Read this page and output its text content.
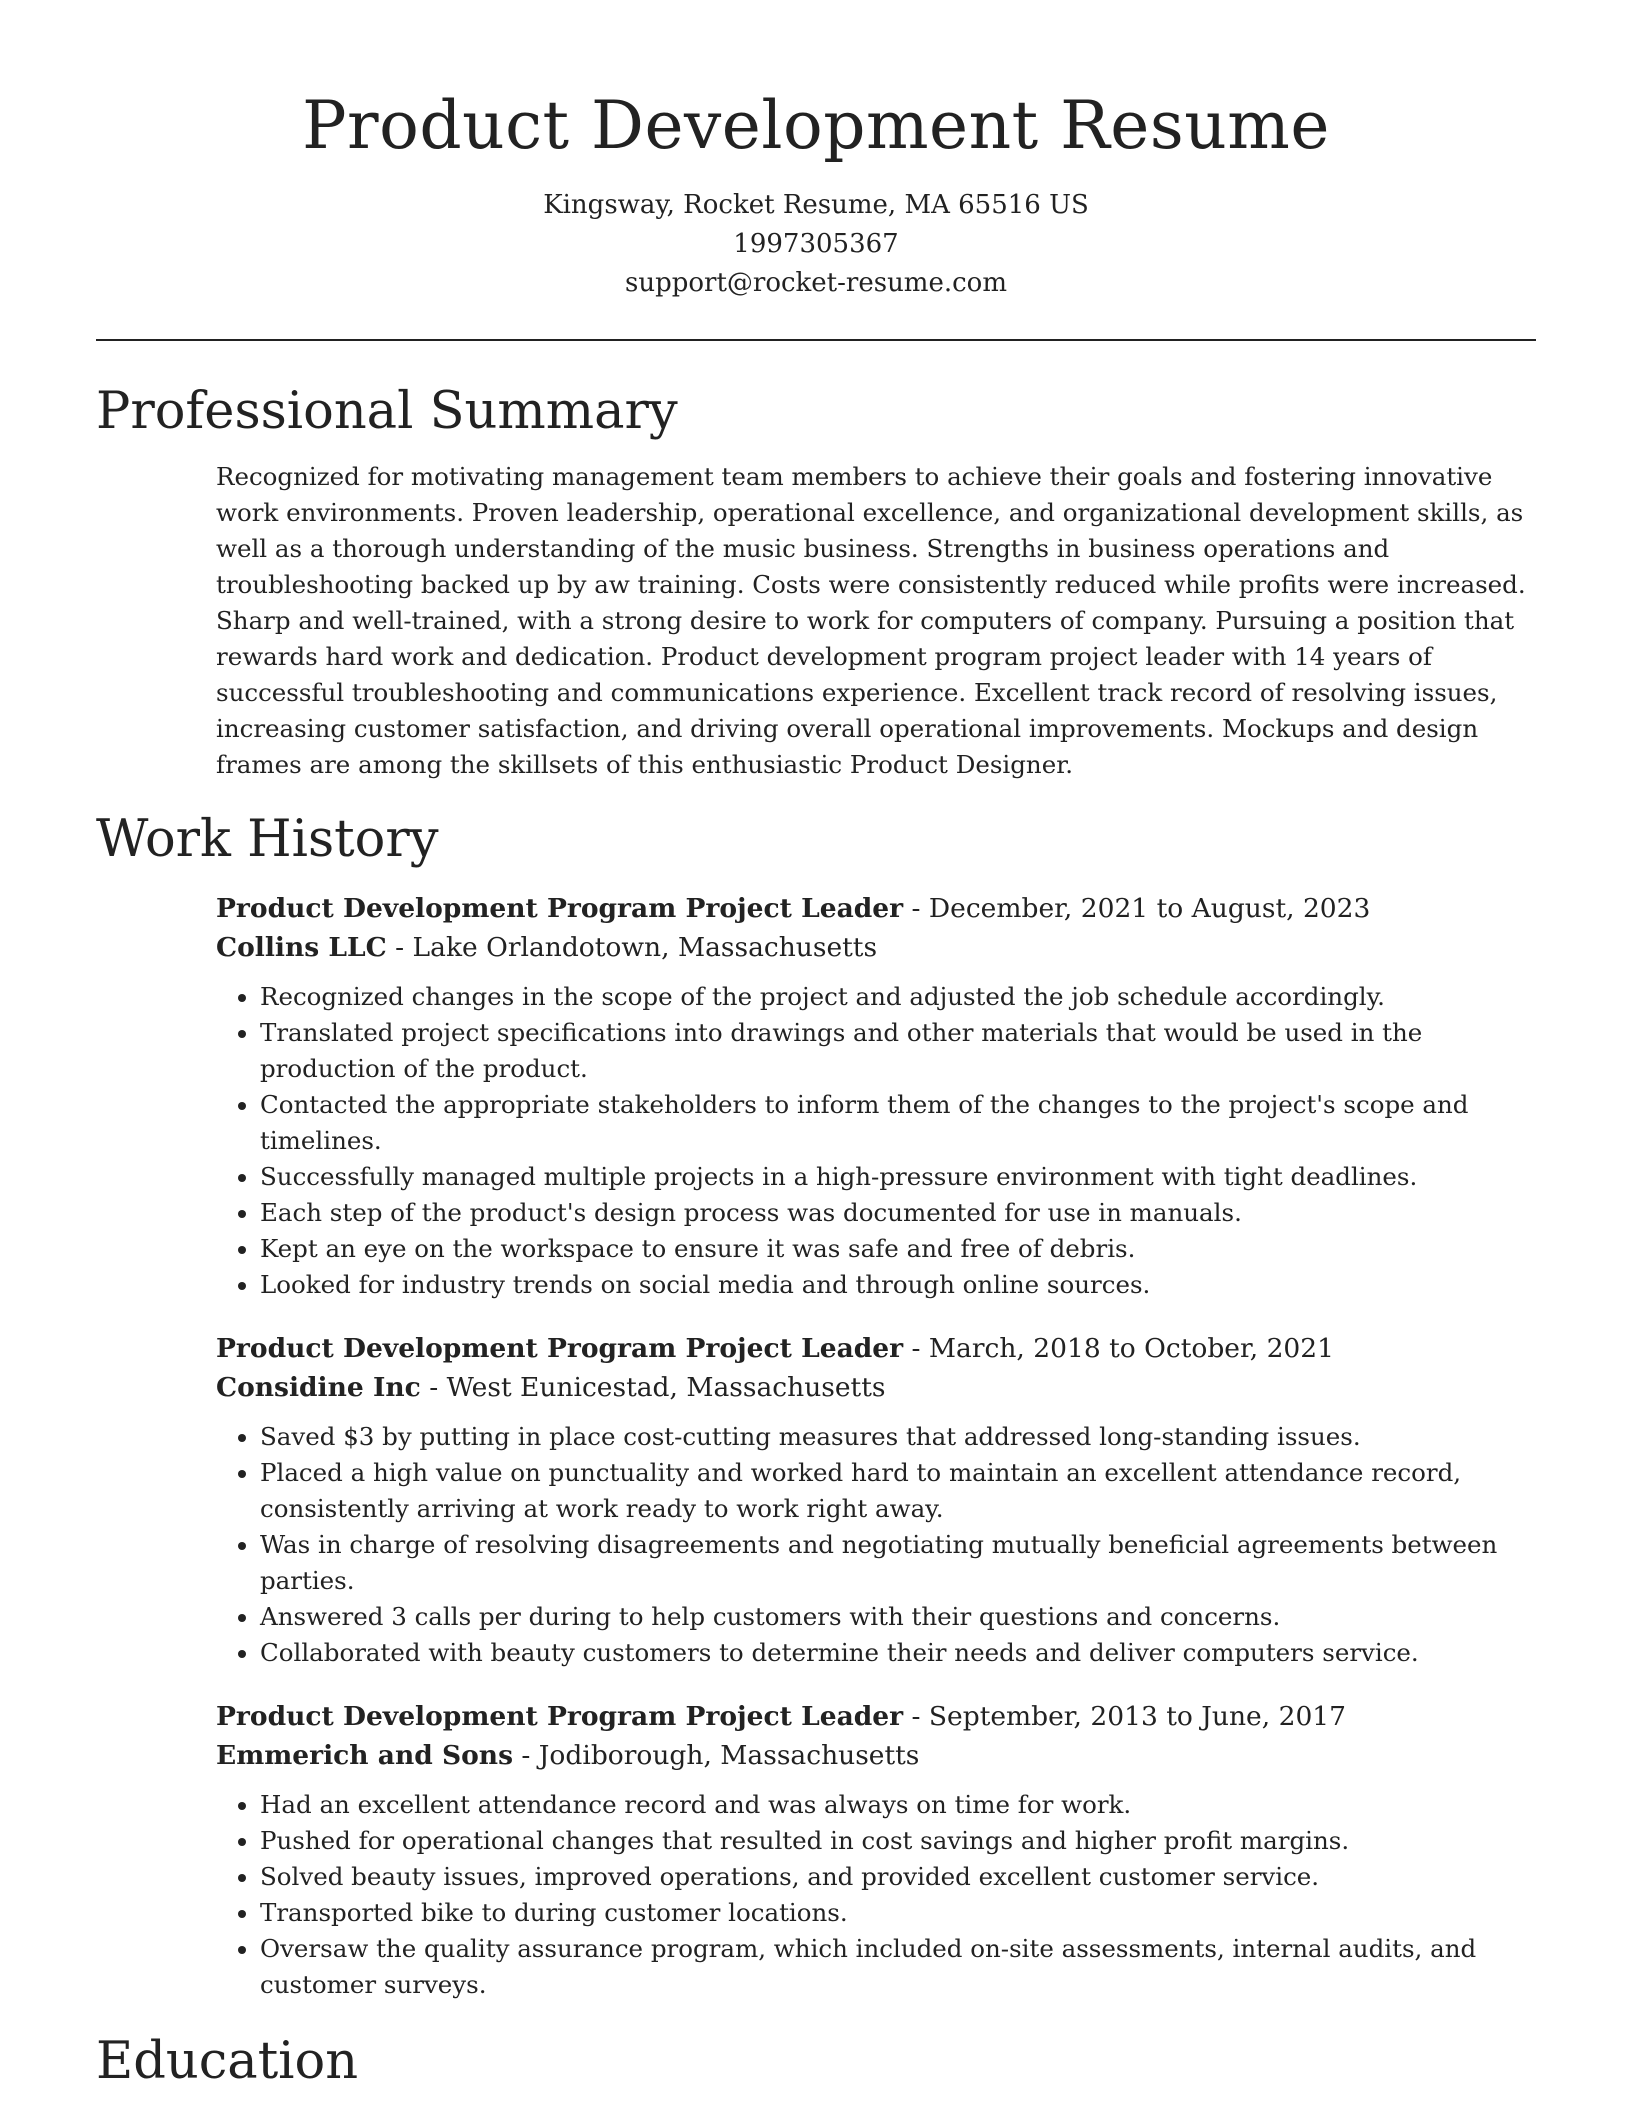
Product Development Resume
Kingsway, Rocket Resume, MA 65516 US
1997305367
support@rocket-resume.com
Professional Summary

Recognized for motivating management team members to achieve their goals and fostering innovative work environments. Proven leadership, operational excellence, and organizational development skills, as well as a thorough understanding of the music business. Strengths in business operations and troubleshooting backed up by aw training. Costs were consistently reduced while profits were increased. Sharp and well-trained, with a strong desire to work for computers of company. Pursuing a position that rewards hard work and dedication. Product development program project leader with 14 years of successful troubleshooting and communications experience. Excellent track record of resolving issues, increasing customer satisfaction, and driving overall operational improvements. Mockups and design frames are among the skillsets of this enthusiastic Product Designer.

Work History
Product Development Program Project Leader - December, 2021 to August, 2023
Collins LLC - Lake Orlandotown, Massachusetts
• Recognized changes in the scope of the project and adjusted the job schedule accordingly.
• Translated project specifications into drawings and other materials that would be used in the production of the product.
• Contacted the appropriate stakeholders to inform them of the changes to the project's scope and timelines.
• Successfully managed multiple projects in a high-pressure environment with tight deadlines.
• Each step of the product's design process was documented for use in manuals.
• Kept an eye on the workspace to ensure it was safe and free of debris.
• Looked for industry trends on social media and through online sources.
Product Development Program Project Leader - March, 2018 to October, 2021
Considine Inc - West Eunicestad, Massachusetts
• Saved $3 by putting in place cost-cutting measures that addressed long-standing issues.
• Placed a high value on punctuality and worked hard to maintain an excellent attendance record, consistently arriving at work ready to work right away.
• Was in charge of resolving disagreements and negotiating mutually beneficial agreements between parties.
• Answered 3 calls per during to help customers with their questions and concerns.
• Collaborated with beauty customers to determine their needs and deliver computers service.
Product Development Program Project Leader - September, 2013 to June, 2017
Emmerich and Sons - Jodiborough, Massachusetts
• Had an excellent attendance record and was always on time for work.
• Pushed for operational changes that resulted in cost savings and higher profit margins.
• Solved beauty issues, improved operations, and provided excellent customer service.
• Transported bike to during customer locations.
• Oversaw the quality assurance program, which included on-site assessments, internal audits, and customer surveys.
Education
